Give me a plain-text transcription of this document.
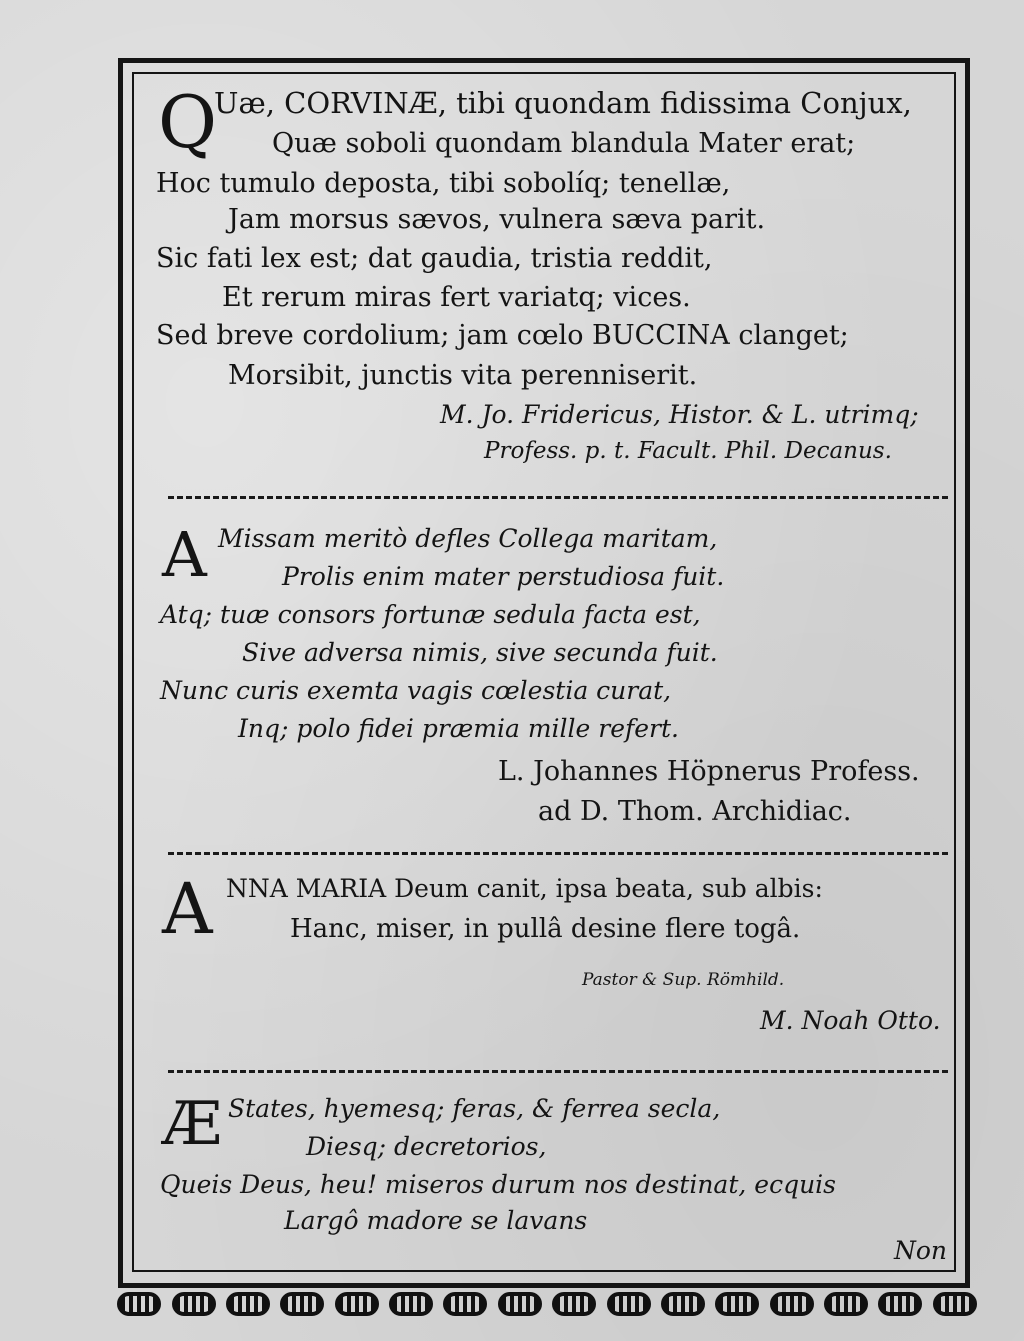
Q
Uæ, CORVINÆ, tibi quondam fidissima Conjux,
Quæ soboli quondam blandula Mater erat;
Hoc tumulo deposta, tibi sobolíq; tenellæ,
Jam morsus sævos, vulnera sæva parit.
Sic fati lex est; dat gaudia, tristia reddit,
Et rerum miras fert variatq; vices.
Sed breve cordolium; jam cœlo BUCCINA clanget;
Morsibit, junctis vita perenniserit.
M. Jo. Fridericus, Histor. & L. utrimq;
Profess. p. t. Facult. Phil. Decanus.
A Missam meritò defles Collega maritam,
Prolis enim mater perstudiosa fuit.
Atq; tuæ consors fortunæ sedula facta est,
Sive adversa nimis, sive secunda fuit.
Nunc curis exemta vagis cœlestia curat,
Inq; polo fidei præmia mille refert.
L. Johannes Höpnerus Profess.
ad D. Thom. Archidiac.
A NNA MARIA Deum canit, ipsa beata, sub albis:
Hanc, miser, in pullâ desine flere togâ.
Pastor & Sup. Römhild.
M. Noah Otto.
Æ States, hyemesq; feras, & ferrea secla,
Diesq; decretorios,
Queis Deus, heu! miseros durum nos destinat, ecquis
Largô madore se lavans
Non
